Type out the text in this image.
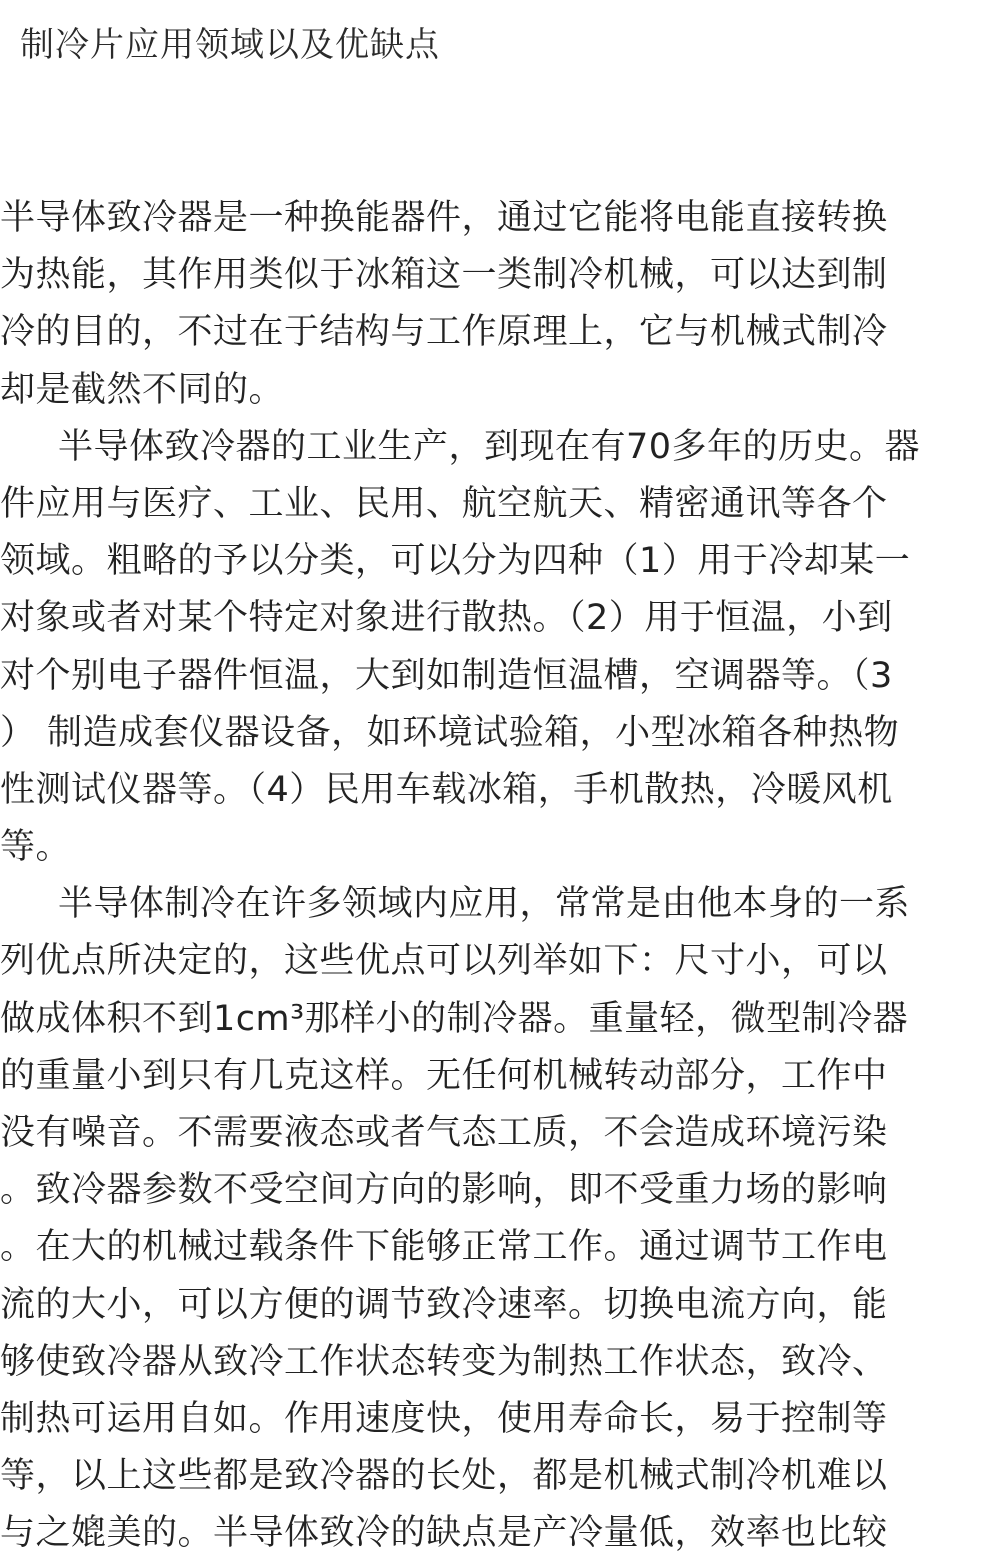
制冷片应用领域以及优缺点
半导体致冷器是一种换能器件，通过它能将电能直接转换
为热能，其作用类似于冰箱这一类制冷机械，可以达到制
冷的目的，不过在于结构与工作原理上，它与机械式制冷
却是截然不同的。
半导体致冷器的工业生产，到现在有70多年的历史。器
件应用与医疗、工业、民用、航空航天、精密通讯等各个
领域。粗略的予以分类，可以分为四种（1）用于冷却某一
对象或者对某个特定对象进行散热。（2）用于恒温，小到
对个别电子器件恒温，大到如制造恒温槽，空调器等。（3
） 制造成套仪器设备，如环境试验箱，小型冰箱各种热物
性测试仪器等。（4）民用车载冰箱，手机散热，冷暖风机
等。
半导体制冷在许多领域内应用，常常是由他本身的一系
列优点所决定的，这些优点可以列举如下：尺寸小，可以
做成体积不到1cm³那样小的制冷器。重量轻，微型制冷器
的重量小到只有几克这样。无任何机械转动部分，工作中
没有噪音。不需要液态或者气态工质，不会造成环境污染
。致冷器参数不受空间方向的影响，即不受重力场的影响
。在大的机械过载条件下能够正常工作。通过调节工作电
流的大小，可以方便的调节致冷速率。切换电流方向，能
够使致冷器从致冷工作状态转变为制热工作状态，致冷、
制热可运用自如。作用速度快，使用寿命长，易于控制等
等，以上这些都是致冷器的长处，都是机械式制冷机难以
与之媲美的。半导体致冷的缺点是产冷量低，效率也比较
